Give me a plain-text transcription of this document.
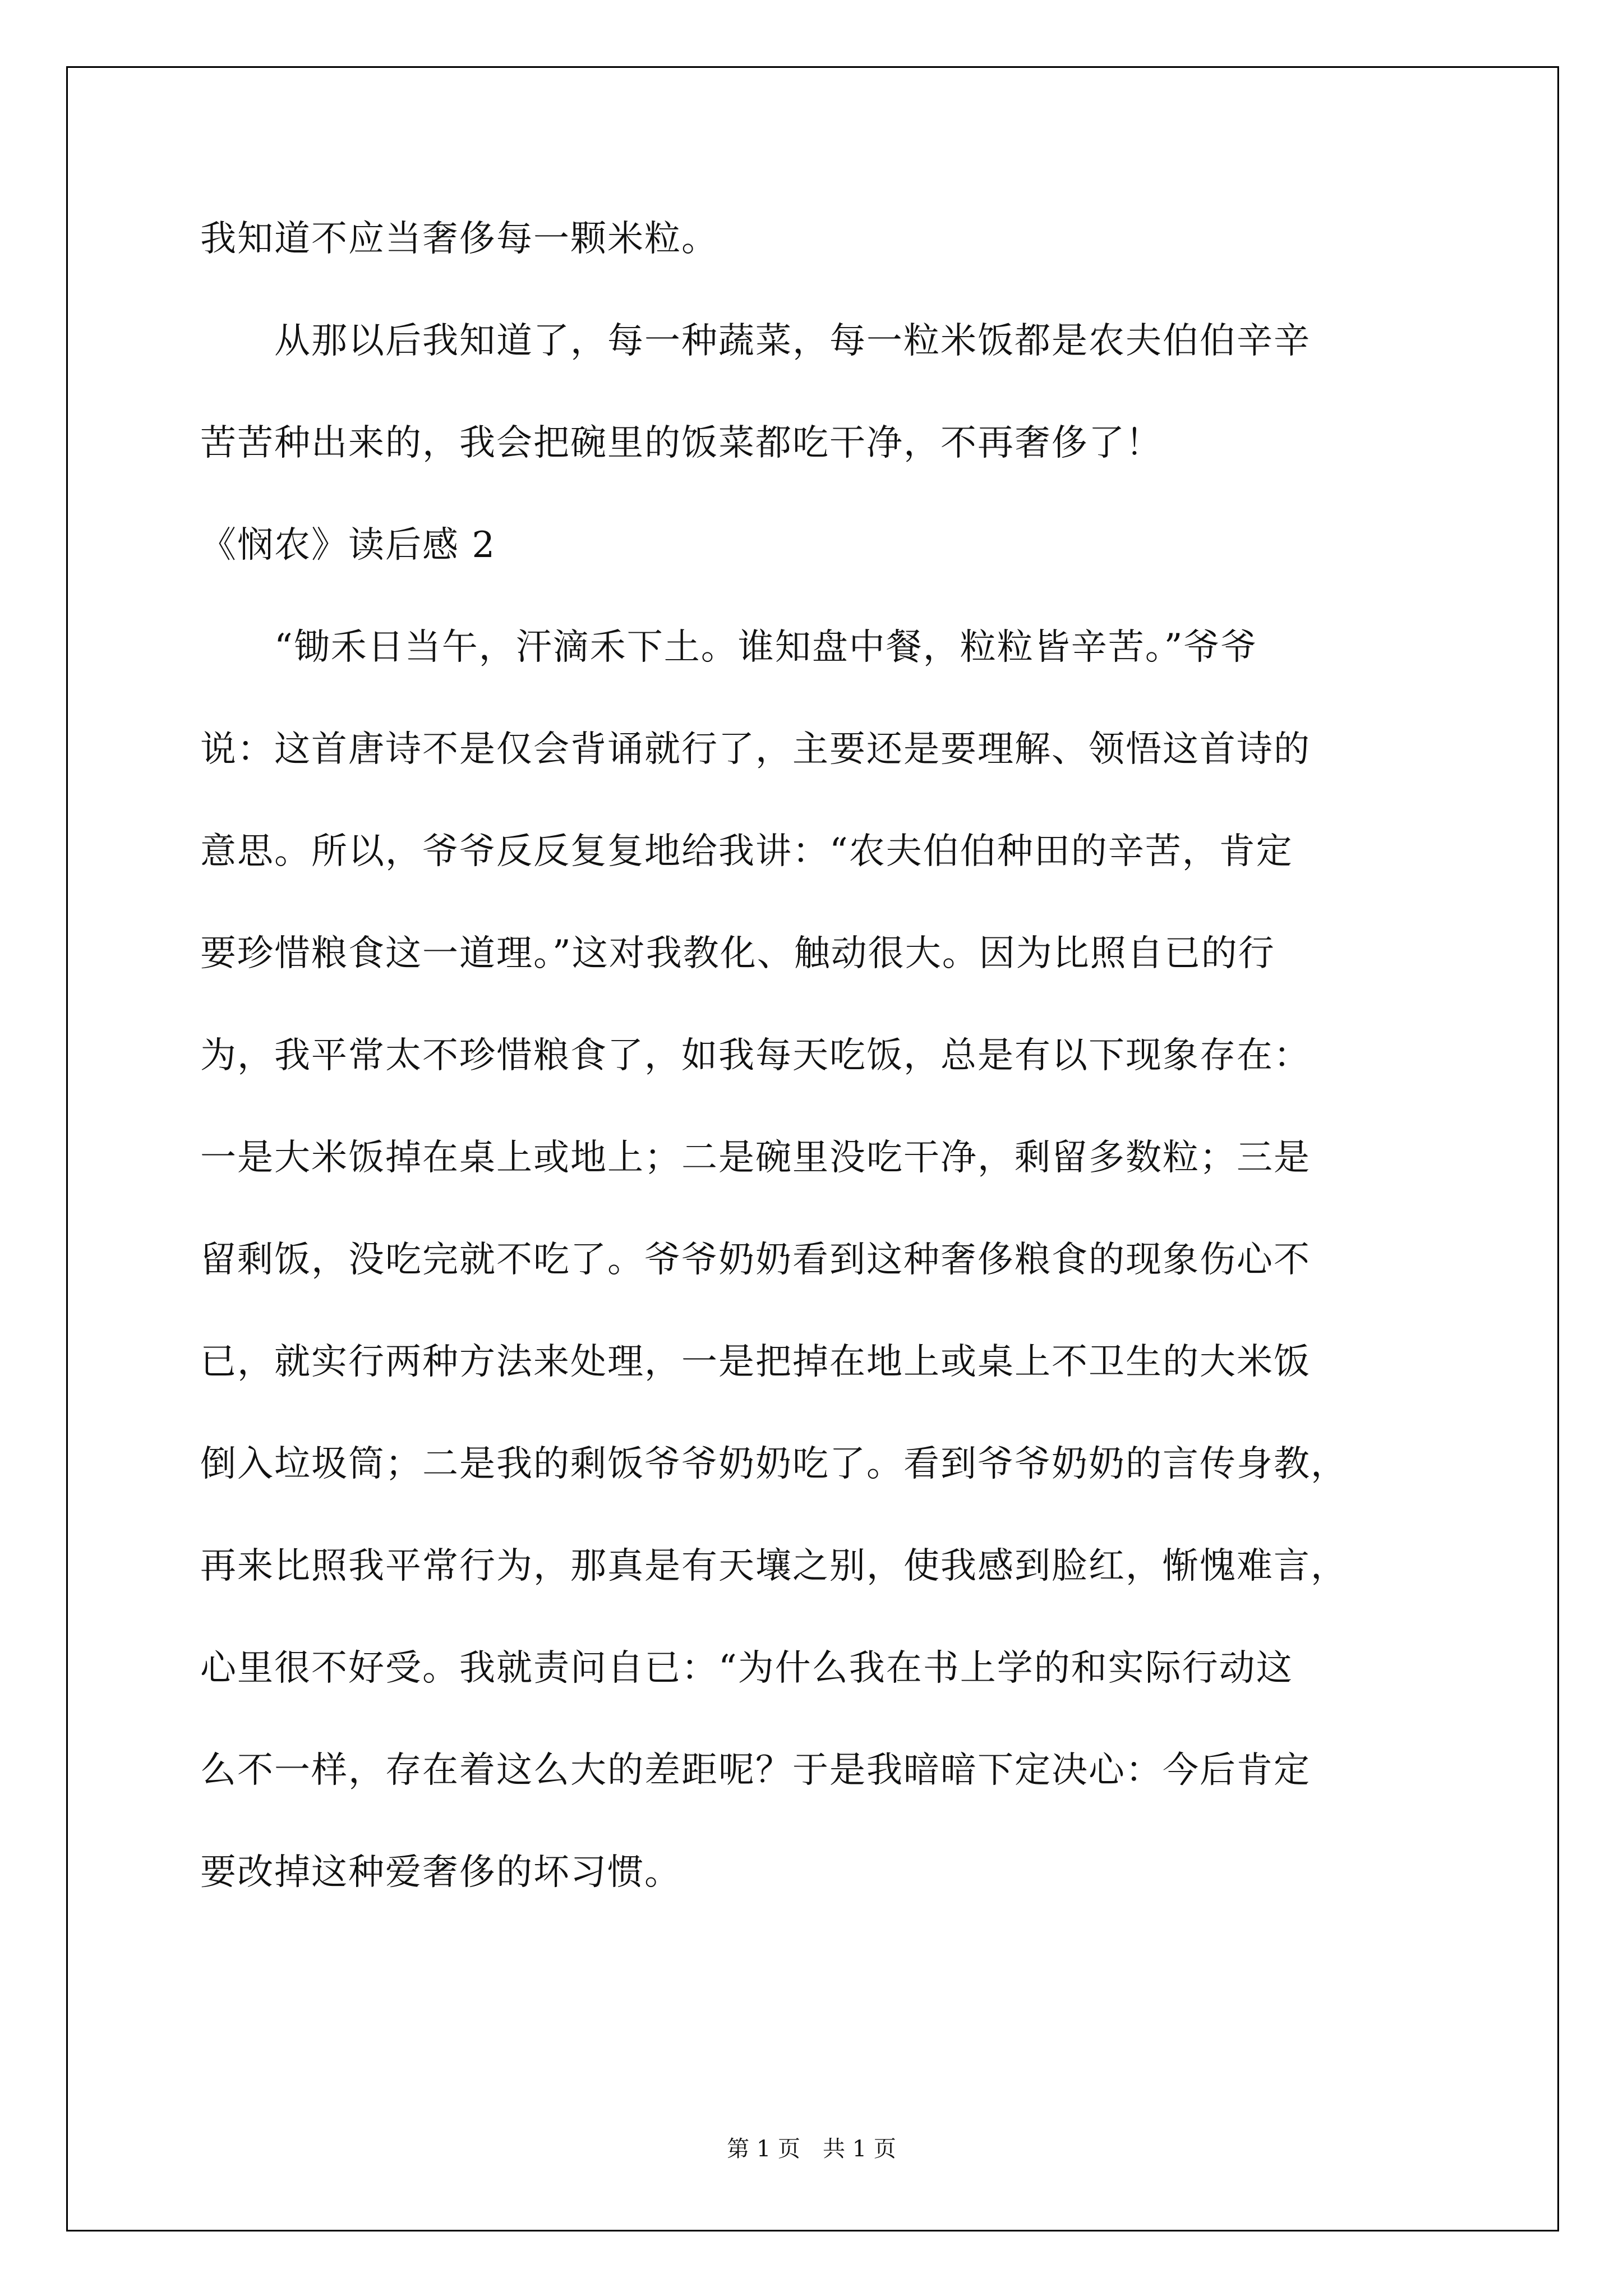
我知道不应当奢侈每一颗米粒。
从那以后我知道了，每一种蔬菜，每一粒米饭都是农夫伯伯辛辛
苦苦种出来的，我会把碗里的饭菜都吃干净，不再奢侈了！
《悯农》读后感 2
“锄禾日当午，汗滴禾下土。谁知盘中餐，粒粒皆辛苦。”爷爷
说：这首唐诗不是仅会背诵就行了，主要还是要理解、领悟这首诗的
意思。所以，爷爷反反复复地给我讲：“农夫伯伯种田的辛苦，肯定
要珍惜粮食这一道理。”这对我教化、触动很大。因为比照自已的行
为，我平常太不珍惜粮食了，如我每天吃饭，总是有以下现象存在：
一是大米饭掉在桌上或地上；二是碗里没吃干净，剩留多数粒；三是
留剩饭，没吃完就不吃了。爷爷奶奶看到这种奢侈粮食的现象伤心不
已，就实行两种方法来处理，一是把掉在地上或桌上不卫生的大米饭
倒入垃圾筒；二是我的剩饭爷爷奶奶吃了。看到爷爷奶奶的言传身教，
再来比照我平常行为，那真是有天壤之别，使我感到脸红，惭愧难言，
心里很不好受。我就责问自已：“为什么我在书上学的和实际行动这
么不一样，存在着这么大的差距呢？于是我暗暗下定决心：今后肯定
要改掉这种爱奢侈的坏习惯。
第 1 页 共 1 页
